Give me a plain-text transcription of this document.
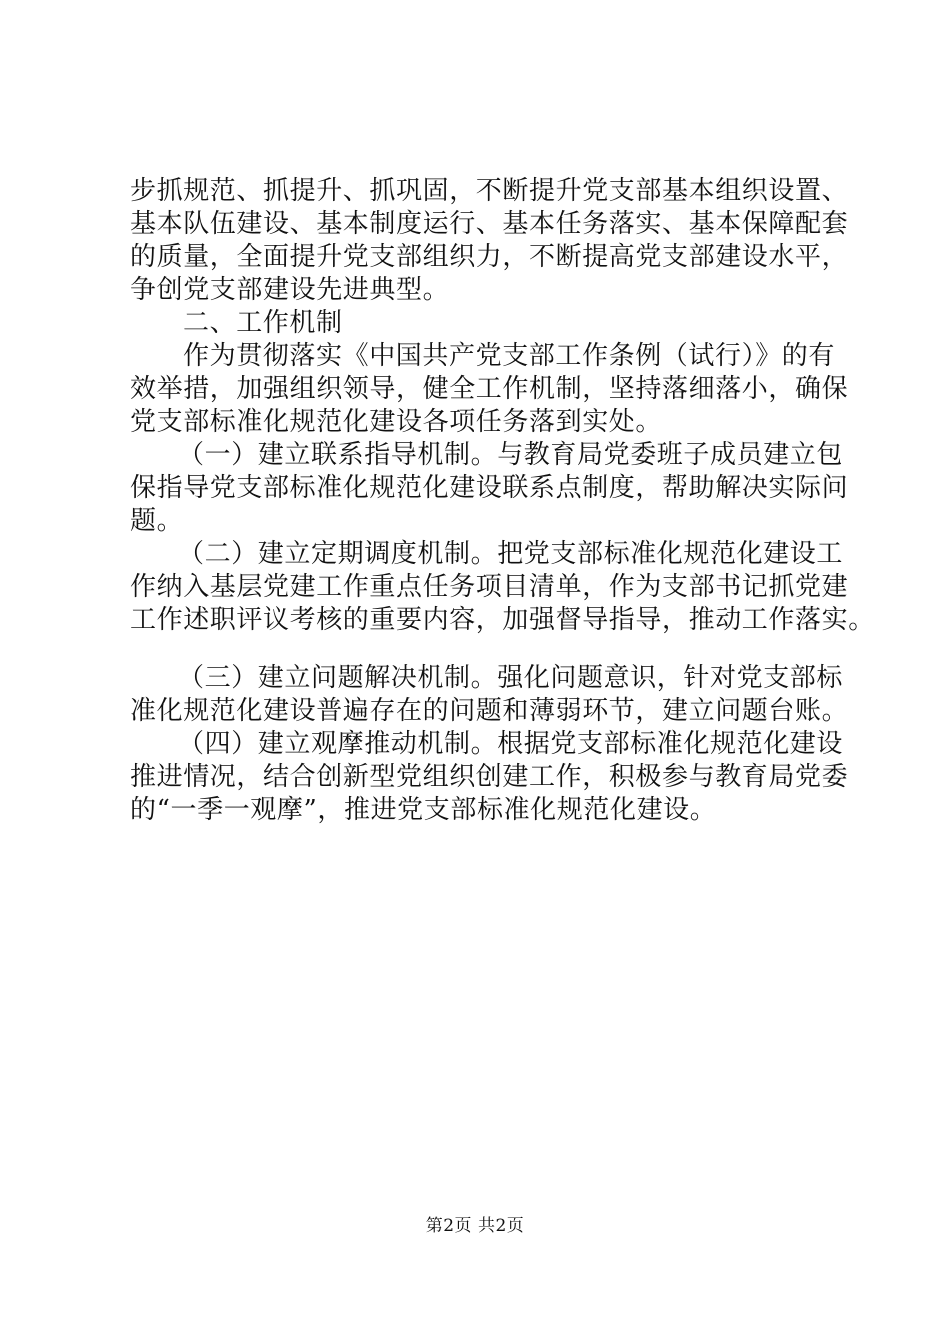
步抓规范、抓提升、抓巩固，不断提升党支部基本组织设置、
基本队伍建设、基本制度运行、基本任务落实、基本保障配套
的质量，全面提升党支部组织力，不断提高党支部建设水平，
争创党支部建设先进典型。
二、工作机制
作为贯彻落实《中国共产党支部工作条例（试行）》的有
效举措，加强组织领导，健全工作机制，坚持落细落小，确保
党支部标准化规范化建设各项任务落到实处。
（一）建立联系指导机制。与教育局党委班子成员建立包
保指导党支部标准化规范化建设联系点制度，帮助解决实际问
题。
（二）建立定期调度机制。把党支部标准化规范化建设工
作纳入基层党建工作重点任务项目清单，作为支部书记抓党建
工作述职评议考核的重要内容，加强督导指导，推动工作落实。
（三）建立问题解决机制。强化问题意识，针对党支部标
准化规范化建设普遍存在的问题和薄弱环节，建立问题台账。
（四）建立观摩推动机制。根据党支部标准化规范化建设
推进情况，结合创新型党组织创建工作，积极参与教育局党委
的“一季一观摩”，推进党支部标准化规范化建设。
第2页 共2页
